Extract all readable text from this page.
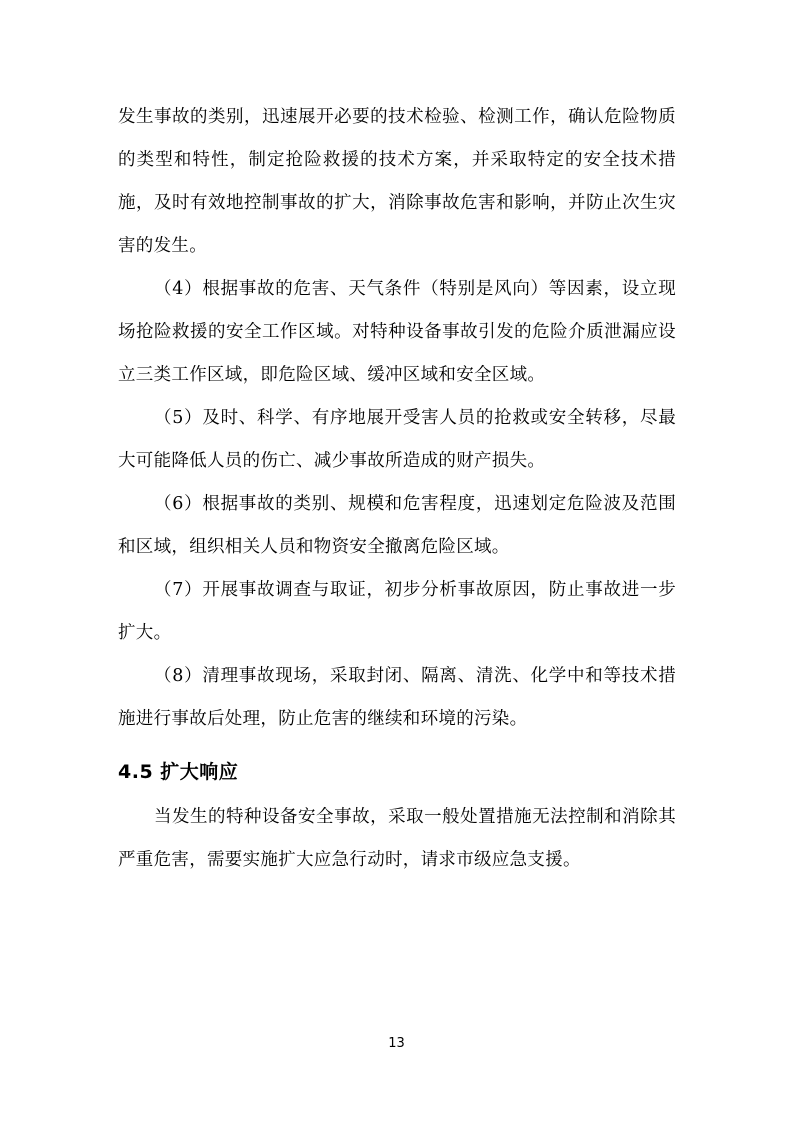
发生事故的类别，迅速展开必要的技术检验、检测工作，确认危险物质的类型和特性，制定抢险救援的技术方案，并采取特定的安全技术措施，及时有效地控制事故的扩大，消除事故危害和影响，并防止次生灾害的发生。

（4）根据事故的危害、天气条件（特别是风向）等因素，设立现场抢险救援的安全工作区域。对特种设备事故引发的危险介质泄漏应设立三类工作区域，即危险区域、缓冲区域和安全区域。

（5）及时、科学、有序地展开受害人员的抢救或安全转移，尽最大可能降低人员的伤亡、减少事故所造成的财产损失。

（6）根据事故的类别、规模和危害程度，迅速划定危险波及范围和区域，组织相关人员和物资安全撤离危险区域。

（7）开展事故调查与取证，初步分析事故原因，防止事故进一步扩大。

（8）清理事故现场，采取封闭、隔离、清洗、化学中和等技术措施进行事故后处理，防止危害的继续和环境的污染。

4.5 扩大响应

当发生的特种设备安全事故，采取一般处置措施无法控制和消除其严重危害，需要实施扩大应急行动时，请求市级应急支援。

13
